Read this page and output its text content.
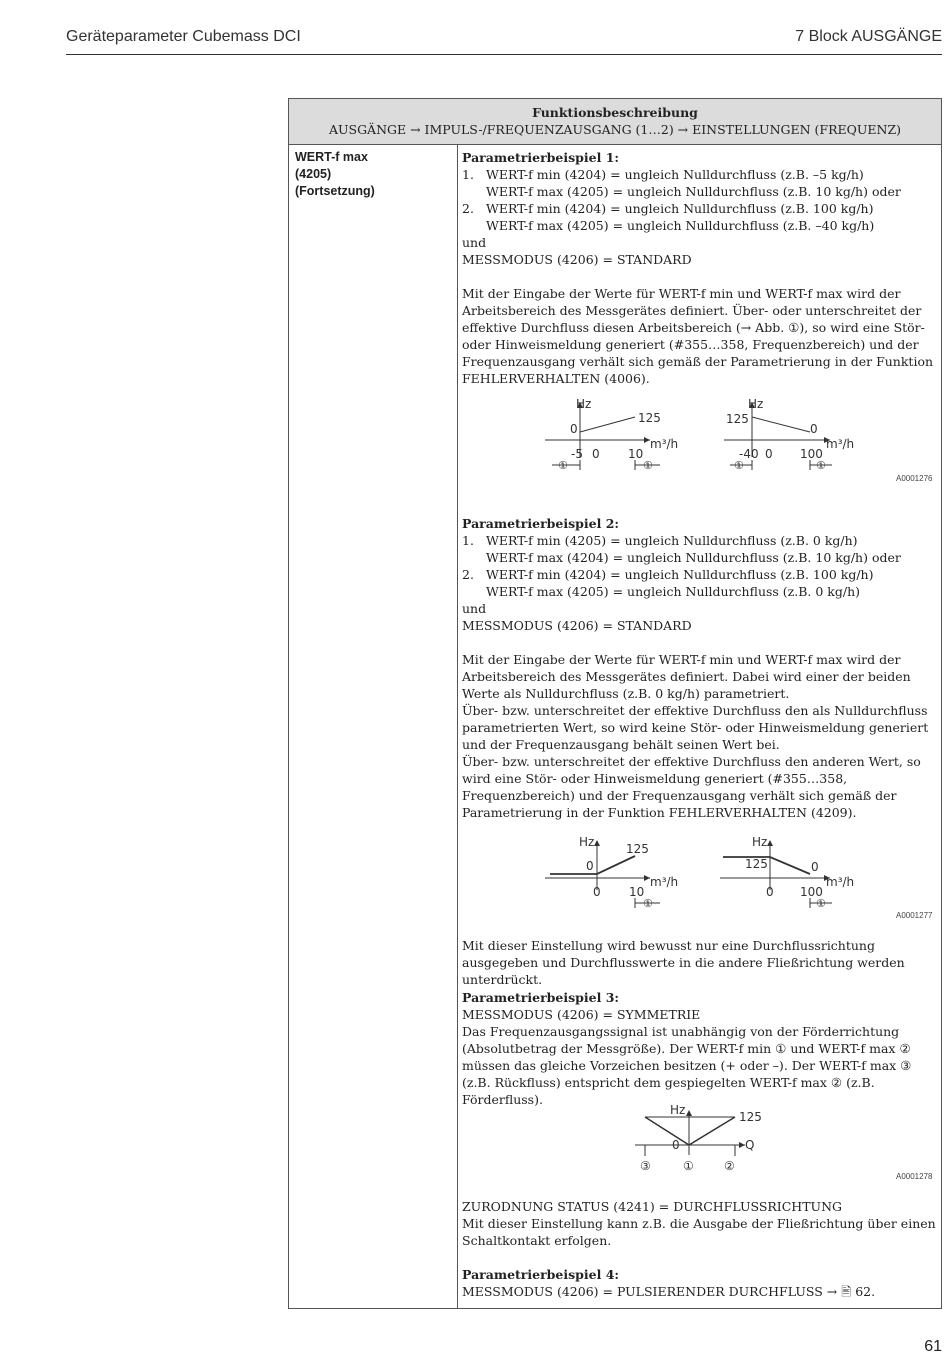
Geräteparameter Cubemass DCI	7 Block AUSGÄNGE
Funktionsbeschreibung
AUSGÄNGE → IMPULS-/FREQUENZAUSGANG (1…2) → EINSTELLUNGEN (FREQUENZ)
WERT-f max
(4205)
(Fortsetzung)
Parametrierbeispiel 1:
1. WERT-f min (4204) = ungleich Nulldurchfluss (z.B. –5 kg/h)
WERT-f max (4205) = ungleich Nulldurchfluss (z.B. 10 kg/h) oder
2. WERT-f min (4204) = ungleich Nulldurchfluss (z.B. 100 kg/h)
WERT-f max (4205) = ungleich Nulldurchfluss (z.B. –40 kg/h)
und
MESSMODUS (4206) = STANDARD
Mit der Eingabe der Werte für WERT-f min und WERT-f max wird der Arbeitsbereich des Messgerätes definiert. Über- oder unterschreitet der effektive Durchfluss diesen Arbeitsbereich (→ Abb. ①), so wird eine Stör- oder Hinweismeldung generiert (#355…358, Frequenzbereich) und der Frequenzausgang verhält sich gemäß der Parametrierung in der Funktion FEHLERVERHALTEN (4006).
Hz
0
125
m³/h
-5 0 10
①	①
Hz
125
0
m³/h
-40 0 100
①	①
A0001276
Parametrierbeispiel 2:
1. WERT-f min (4205) = ungleich Nulldurchfluss (z.B. 0 kg/h)
WERT-f max (4204) = ungleich Nulldurchfluss (z.B. 10 kg/h) oder
2. WERT-f min (4204) = ungleich Nulldurchfluss (z.B. 100 kg/h)
WERT-f max (4205) = ungleich Nulldurchfluss (z.B. 0 kg/h)
und
MESSMODUS (4206) = STANDARD
Mit der Eingabe der Werte für WERT-f min und WERT-f max wird der Arbeitsbereich des Messgerätes definiert. Dabei wird einer der beiden Werte als Nulldurchfluss (z.B. 0 kg/h) parametriert.
Über- bzw. unterschreitet der effektive Durchfluss den als Nulldurchfluss parametrierten Wert, so wird keine Stör- oder Hinweismeldung generiert und der Frequenzausgang behält seinen Wert bei.
Über- bzw. unterschreitet der effektive Durchfluss den anderen Wert, so wird eine Stör- oder Hinweismeldung generiert (#355…358, Frequenzbereich) und der Frequenzausgang verhält sich gemäß der Parametrierung in der Funktion FEHLERVERHALTEN (4209).
Hz
0
125
m³/h
0 10
①
Hz
125	0
m³/h
0 100
①
A0001277
Mit dieser Einstellung wird bewusst nur eine Durchflussrichtung ausgegeben und Durchflusswerte in die andere Fließrichtung werden unterdrückt.
Parametrierbeispiel 3:
MESSMODUS (4206) = SYMMETRIE
Das Frequenzausgangssignal ist unabhängig von der Förderrichtung (Absolutbetrag der Messgröße). Der WERT-f min ① und WERT-f max ② müssen das gleiche Vorzeichen besitzen (+ oder –). Der WERT-f max ③ (z.B. Rückfluss) entspricht dem gespiegelten WERT-f max ② (z.B. Förderfluss).
Hz	125
0	Q
③	①	②
A0001278
ZURODNUNG STATUS (4241) = DURCHFLUSSRICHTUNG
Mit dieser Einstellung kann z.B. die Ausgabe der Fließrichtung über einen Schaltkontakt erfolgen.
Parametrierbeispiel 4:
MESSMODUS (4206) = PULSIERENDER DURCHFLUSS → 🖹 62.
61
